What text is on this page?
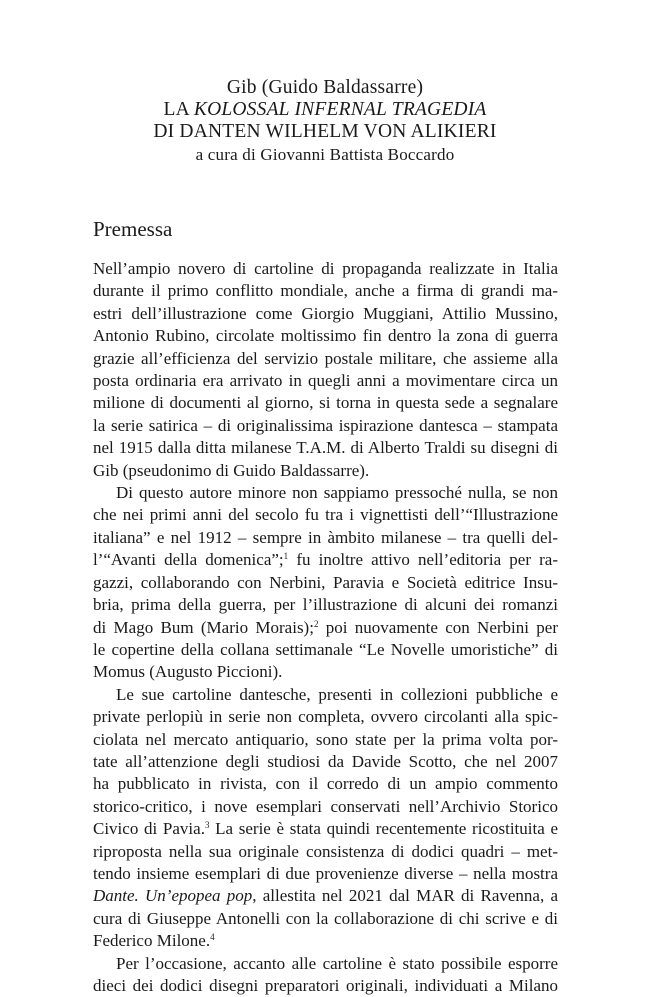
Gib (Guido Baldassarre)
LA KOLOSSAL INFERNAL TRAGEDIA
DI DANTEN WILHELM VON ALIKIERI
a cura di Giovanni Battista Boccardo
Premessa

Nell’ampio novero di cartoline di propaganda realizzate in Italia
durante il primo conflitto mondiale, anche a firma di grandi ma-
estri dell’illustrazione come Giorgio Muggiani, Attilio Mussino,
Antonio Rubino, circolate moltissimo fin dentro la zona di guerra
grazie all’efficienza del servizio postale militare, che assieme alla
posta ordinaria era arrivato in quegli anni a movimentare circa un
milione di documenti al giorno, si torna in questa sede a segnalare
la serie satirica – di originalissima ispirazione dantesca – stampata
nel 1915 dalla ditta milanese T.A.M. di Alberto Traldi su disegni di
Gib (pseudonimo di Guido Baldassarre).

Di questo autore minore non sappiamo pressoché nulla, se non
che nei primi anni del secolo fu tra i vignettisti dell’“Illustrazione
italiana” e nel 1912 – sempre in àmbito milanese – tra quelli del-
l’“Avanti della domenica”;$^1$ fu inoltre attivo nell’editoria per ra-
gazzi, collaborando con Nerbini, Paravia e Società editrice Insu-
bria, prima della guerra, per l’illustrazione di alcuni dei romanzi
di Mago Bum (Mario Morais);$^2$ poi nuovamente con Nerbini per
le copertine della collana settimanale “Le Novelle umoristiche” di
Momus (Augusto Piccioni).

Le sue cartoline dantesche, presenti in collezioni pubbliche e
private perlopiù in serie non completa, ovvero circolanti alla spic-
ciolata nel mercato antiquario, sono state per la prima volta por-
tate all’attenzione degli studiosi da Davide Scotto, che nel 2007
ha pubblicato in rivista, con il corredo di un ampio commento
storico-critico, i nove esemplari conservati nell’Archivio Storico
Civico di Pavia.$^3$ La serie è stata quindi recentemente ricostituita e
riproposta nella sua originale consistenza di dodici quadri – met-
tendo insieme esemplari di due provenienze diverse – nella mostra
Dante. Un’epopea pop, allestita nel 2021 dal MAR di Ravenna, a
cura di Giuseppe Antonelli con la collaborazione di chi scrive e di
Federico Milone.$^4$

Per l’occasione, accanto alle cartoline è stato possibile esporre
dieci dei dodici disegni preparatori originali, individuati a Milano
